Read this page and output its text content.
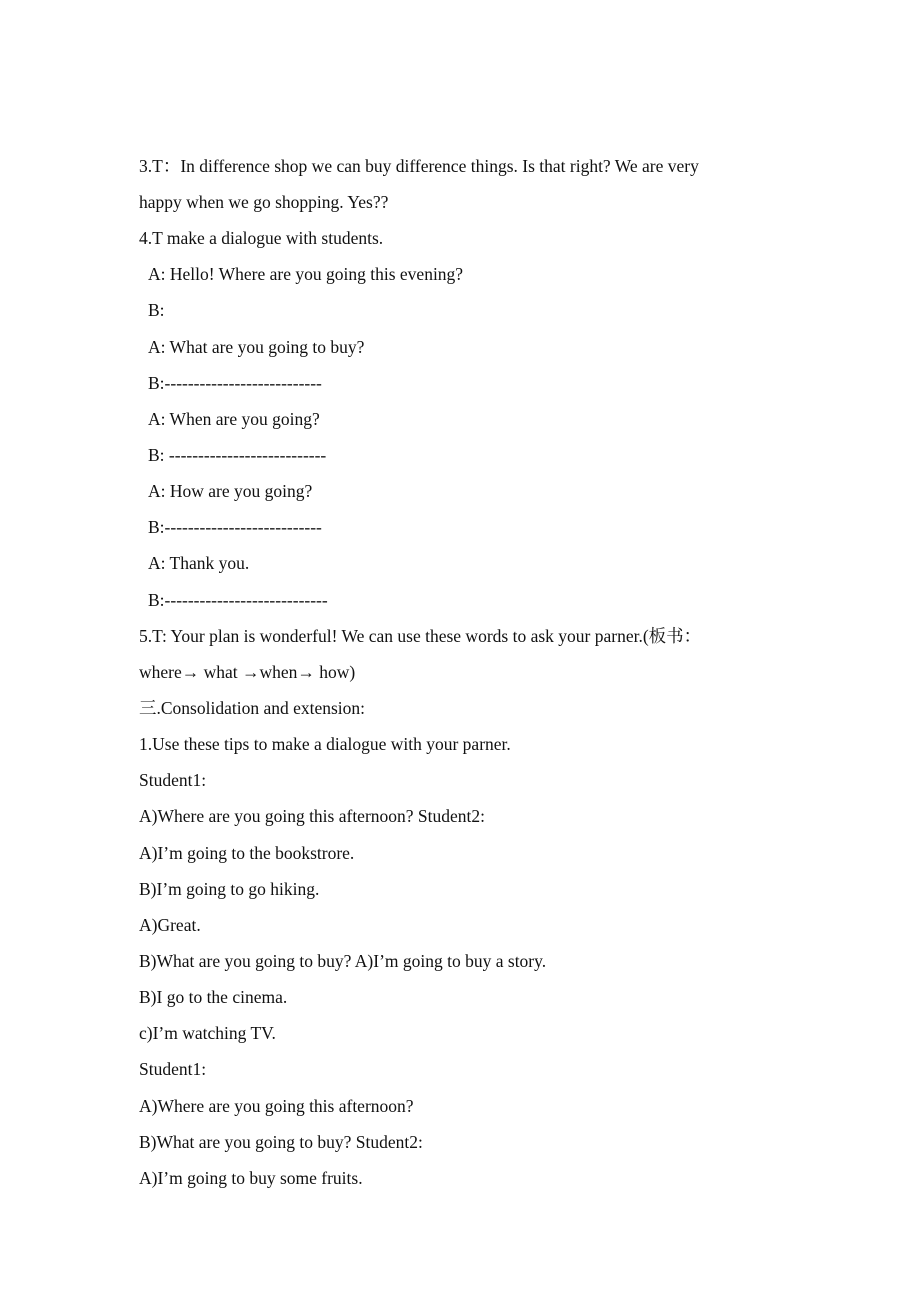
3.T：In difference shop we can buy difference things. Is that right? We are very
happy when we go shopping. Yes??
4.T make a dialogue with students.
A: Hello! Where are you going this evening?
B:
A: What are you going to buy?
B:---------------------------
A: When are you going?
B: ---------------------------
A: How are you going?
B:---------------------------
A: Thank you.
B:----------------------------
5.T: Your plan is wonderful! We can use these words to ask your parner.(板书：
where→ what →when→ how)
三.Consolidation and extension:
1.Use these tips to make a dialogue with your parner.
Student1:
A)Where are you going this afternoon? Student2:
A)I’m going to the bookstrore.
B)I’m going to go hiking.
A)Great.
B)What are you going to buy? A)I’m going to buy a story.
B)I go to the cinema.
c)I’m watching TV.
Student1:
A)Where are you going this afternoon?
B)What are you going to buy? Student2:
A)I’m going to buy some fruits.
